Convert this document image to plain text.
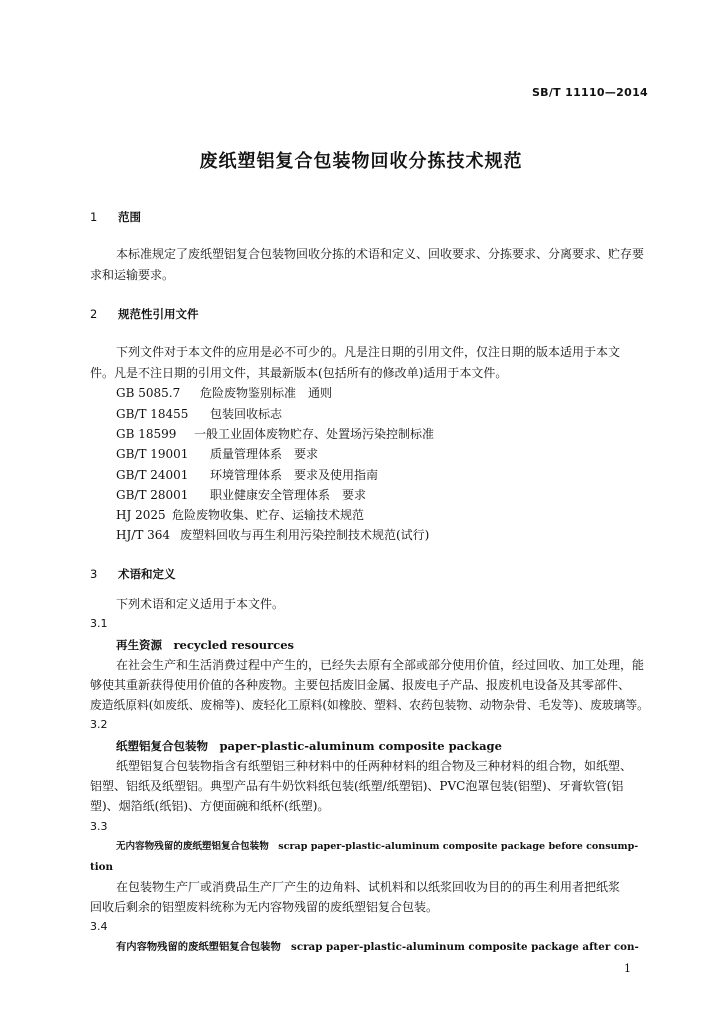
SB/T 11110—2014
废纸塑铝复合包装物回收分拣技术规范
1 范围
本标准规定了废纸塑铝复合包装物回收分拣的术语和定义、回收要求、分拣要求、分离要求、贮存要
求和运输要求。
2 规范性引用文件
下列文件对于本文件的应用是必不可少的。凡是注日期的引用文件，仅注日期的版本适用于本文
件。凡是不注日期的引用文件，其最新版本(包括所有的修改单)适用于本文件。
GB 5085.7 危险废物鉴别标准　通则
GB/T 18455 包装回收标志
GB 18599 一般工业固体废物贮存、处置场污染控制标准
GB/T 19001 质量管理体系　要求
GB/T 24001 环境管理体系　要求及使用指南
GB/T 28001 职业健康安全管理体系　要求
HJ 2025 危险废物收集、贮存、运输技术规范
HJ/T 364 废塑料回收与再生利用污染控制技术规范(试行)
3 术语和定义
下列术语和定义适用于本文件。
3.1
再生资源　recycled resources
在社会生产和生活消费过程中产生的，已经失去原有全部或部分使用价值，经过回收、加工处理，能
够使其重新获得使用价值的各种废物。主要包括废旧金属、报废电子产品、报废机电设备及其零部件、
废造纸原料(如废纸、废棉等)、废轻化工原料(如橡胶、塑料、农药包装物、动物杂骨、毛发等)、废玻璃等。
3.2
纸塑铝复合包装物　paper-plastic-aluminum composite package
纸塑铝复合包装物指含有纸塑铝三种材料中的任两种材料的组合物及三种材料的组合物，如纸塑、
铝塑、铝纸及纸塑铝。典型产品有牛奶饮料纸包装(纸塑/纸塑铝)、PVC泡罩包装(铝塑)、牙膏软管(铝
塑)、烟箔纸(纸铝)、方便面碗和纸杯(纸塑)。
3.3
无内容物残留的废纸塑铝复合包装物　scrap paper-plastic-aluminum composite package before consump-
tion
在包装物生产厂或消费品生产厂产生的边角料、试机料和以纸浆回收为目的的再生利用者把纸浆
回收后剩余的铝塑废料统称为无内容物残留的废纸塑铝复合包装。
3.4
有内容物残留的废纸塑铝复合包装物　scrap paper-plastic-aluminum composite package after con-
1
